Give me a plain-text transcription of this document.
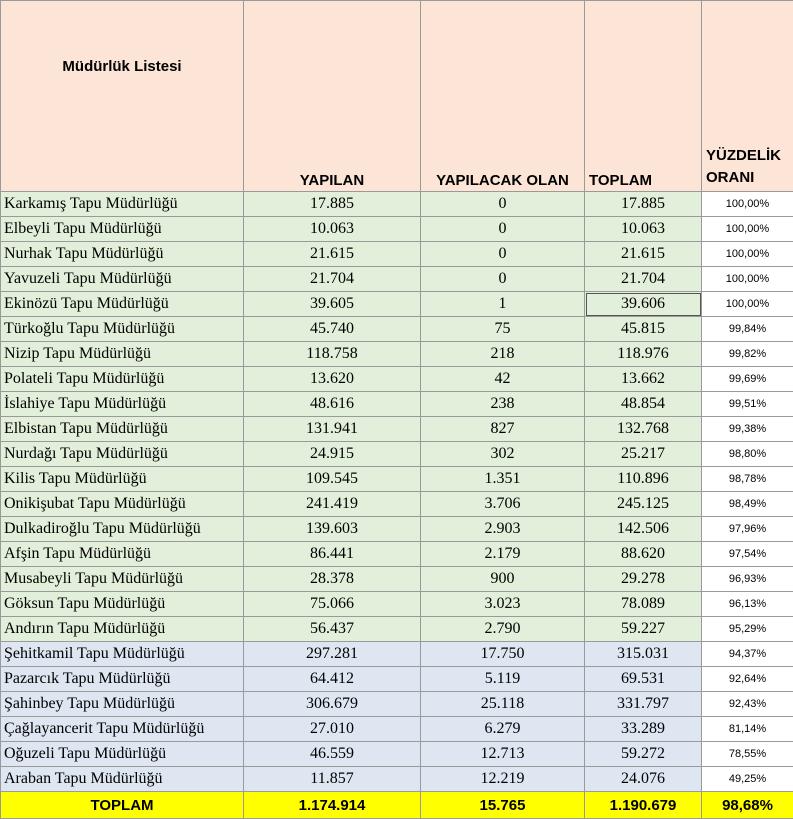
Müdürlük Listesi	YAPILAN	YAPILACAK OLAN	TOPLAM	YÜZDELİK
ORANI
Karkamış Tapu Müdürlüğü	17.885	0	17.885	100,00%
Elbeyli Tapu Müdürlüğü	10.063	0	10.063	100,00%
Nurhak Tapu Müdürlüğü	21.615	0	21.615	100,00%
Yavuzeli Tapu Müdürlüğü	21.704	0	21.704	100,00%
Ekinözü Tapu Müdürlüğü	39.605	1	39.606	100,00%
Türkoğlu Tapu Müdürlüğü	45.740	75	45.815	99,84%
Nizip Tapu Müdürlüğü	118.758	218	118.976	99,82%
Polateli Tapu Müdürlüğü	13.620	42	13.662	99,69%
İslahiye Tapu Müdürlüğü	48.616	238	48.854	99,51%
Elbistan Tapu Müdürlüğü	131.941	827	132.768	99,38%
Nurdağı Tapu Müdürlüğü	24.915	302	25.217	98,80%
Kilis Tapu Müdürlüğü	109.545	1.351	110.896	98,78%
Onikişubat Tapu Müdürlüğü	241.419	3.706	245.125	98,49%
Dulkadiroğlu Tapu Müdürlüğü	139.603	2.903	142.506	97,96%
Afşin Tapu Müdürlüğü	86.441	2.179	88.620	97,54%
Musabeyli Tapu Müdürlüğü	28.378	900	29.278	96,93%
Göksun Tapu Müdürlüğü	75.066	3.023	78.089	96,13%
Andırın Tapu Müdürlüğü	56.437	2.790	59.227	95,29%
Şehitkamil Tapu Müdürlüğü	297.281	17.750	315.031	94,37%
Pazarcık Tapu Müdürlüğü	64.412	5.119	69.531	92,64%
Şahinbey Tapu Müdürlüğü	306.679	25.118	331.797	92,43%
Çağlayancerit Tapu Müdürlüğü	27.010	6.279	33.289	81,14%
Oğuzeli Tapu Müdürlüğü	46.559	12.713	59.272	78,55%
Araban Tapu Müdürlüğü	11.857	12.219	24.076	49,25%
TOPLAM	1.174.914	15.765	1.190.679	98,68%
